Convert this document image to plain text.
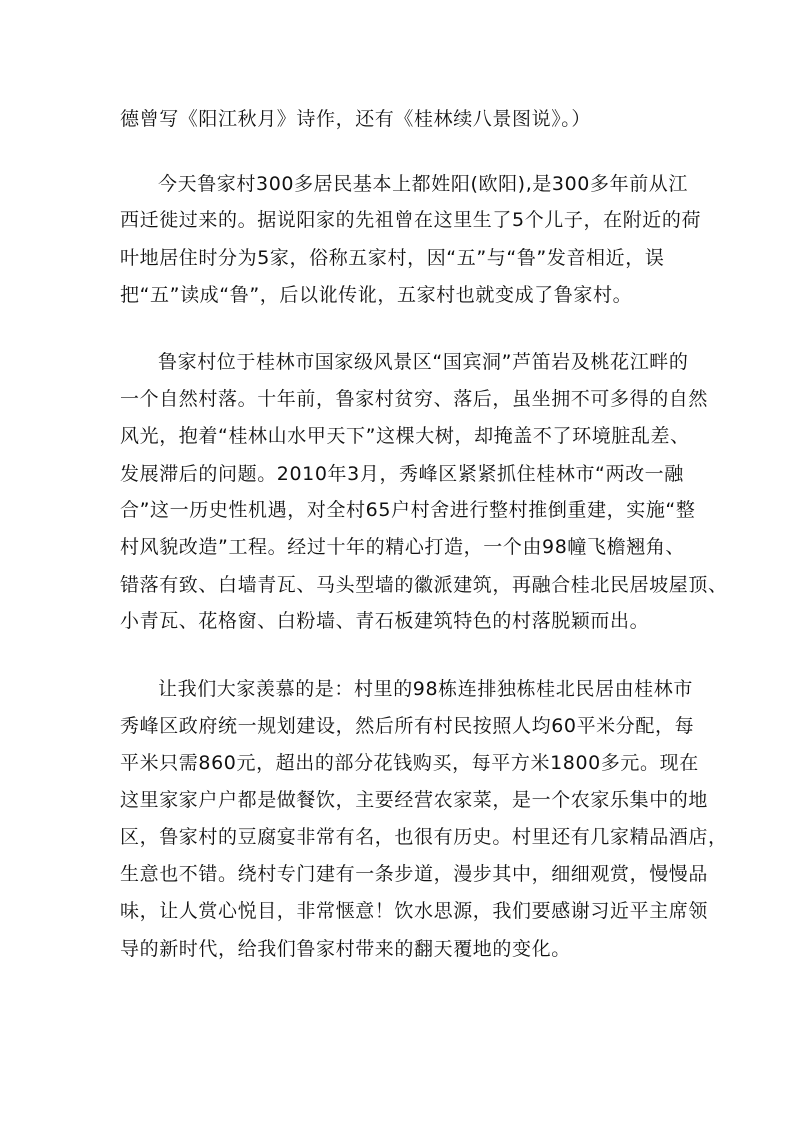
德曾写《阳江秋月》诗作，还有《桂林续八景图说》。）
今天鲁家村300多居民基本上都姓阳(欧阳),是300多年前从江
西迁徙过来的。据说阳家的先祖曾在这里生了5个儿子，在附近的荷
叶地居住时分为5家，俗称五家村，因“五”与“鲁”发音相近，误
把“五”读成“鲁”，后以讹传讹，五家村也就变成了鲁家村。
鲁家村位于桂林市国家级风景区“国宾洞”芦笛岩及桃花江畔的
一个自然村落。十年前，鲁家村贫穷、落后，虽坐拥不可多得的自然
风光，抱着“桂林山水甲天下”这棵大树，却掩盖不了环境脏乱差、
发展滞后的问题。2010年3月，秀峰区紧紧抓住桂林市“两改一融
合”这一历史性机遇，对全村65户村舍进行整村推倒重建，实施“整
村风貌改造”工程。经过十年的精心打造，一个由98幢飞檐翘角、
错落有致、白墙青瓦、马头型墙的徽派建筑，再融合桂北民居坡屋顶、
小青瓦、花格窗、白粉墙、青石板建筑特色的村落脱颖而出。
让我们大家羡慕的是：村里的98栋连排独栋桂北民居由桂林市
秀峰区政府统一规划建设，然后所有村民按照人均60平米分配，每
平米只需860元，超出的部分花钱购买，每平方米1800多元。现在
这里家家户户都是做餐饮，主要经营农家菜，是一个农家乐集中的地
区，鲁家村的豆腐宴非常有名，也很有历史。村里还有几家精品酒店，
生意也不错。绕村专门建有一条步道，漫步其中，细细观赏，慢慢品
味，让人赏心悦目，非常惬意！饮水思源，我们要感谢习近平主席领
导的新时代，给我们鲁家村带来的翻天覆地的变化。
